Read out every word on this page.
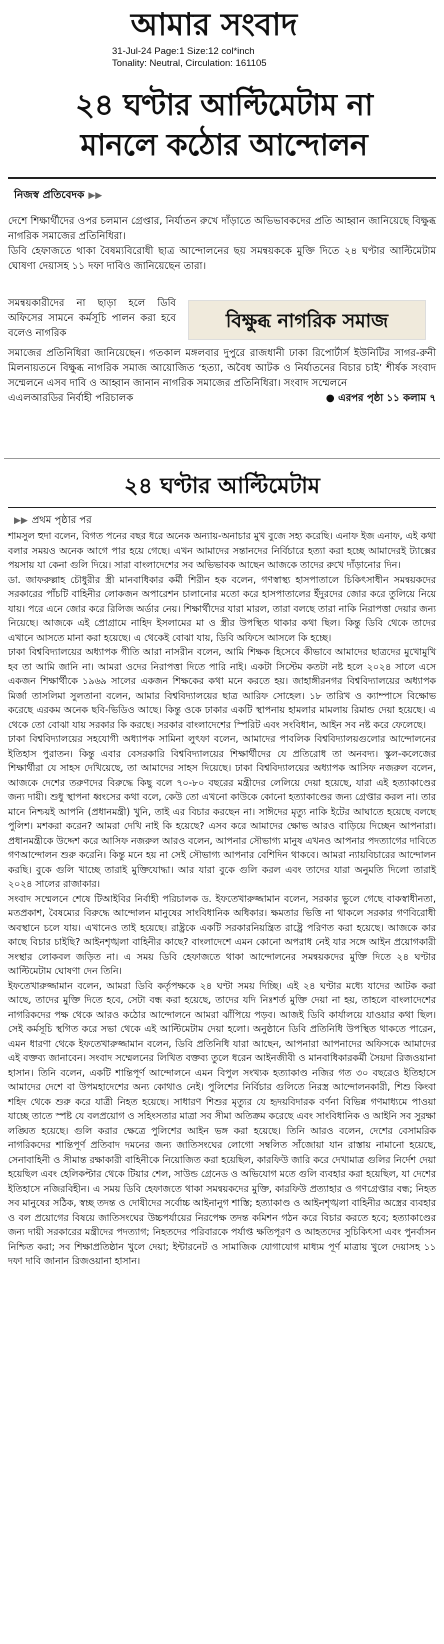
আমার সংবাদ
31-Jul-24 Page:1 Size:12 col*inch
Tonality: Neutral, Circulation: 161105
২৪ ঘণ্টার আল্টিমেটাম না
মানলে কঠোর আন্দোলন
নিজস্ব প্রতিবেদক ▶▶

দেশে শিক্ষার্থীদের ওপর চলমান গ্রেপ্তার, নির্যাতন রুখে দাঁড়াতে অভিভাবকদের প্রতি আহ্বান জানিয়েছে বিক্ষুব্ধ নাগরিক সমাজের প্রতিনিধিরা।

ডিবি হেফাজতে থাকা বৈষম্যবিরোধী ছাত্র আন্দোলনের ছয় সমন্বয়ককে মুক্তি দিতে ২৪ ঘণ্টার আল্টিমেটাম ঘোষণা দেয়াসহ ১১ দফা দাবিও জানিয়েছেন তারা।

সমন্বয়কারীদের না ছাড়া হলে ডিবি অফিসের সামনে কর্মসূচি পালন করা হবে বলেও নাগরিক
বিক্ষুব্ধ নাগরিক সমাজ
সমাজের প্রতিনিধিরা জানিয়েছেন। গতকাল মঙ্গলবার দুপুরে রাজধানী ঢাকা রিপোর্টার্স ইউনিটির সাগর-রুনী মিলনায়তনে বিক্ষুব্ধ নাগরিক সমাজ আয়োজিত ‘হত্যা, অবৈধ আটক ও নির্যাতনের বিচার চাই’ শীর্ষক সংবাদ সম্মেলনে এসব দাবি ও আহ্বান জানান নাগরিক সমাজের প্রতিনিধিরা। সংবাদ সম্মেলনে
এএলআরডির নির্বাহী পরিচালক	● এরপর পৃষ্ঠা ১১ কলাম ৭
২৪ ঘণ্টার আল্টিমেটাম
▶▶ প্রথম পৃষ্ঠার পর

শামসুল হুদা বলেন, বিগত পনের বছর ধরে অনেক অন্যায়-অনাচার মুখ বুজে সহ্য করেছি। এনাফ ইজ এনাফ, এই কথা বলার সময়ও অনেক আগে পার হয়ে গেছে। এখন আমাদের সন্তানদের নির্বিচারে হত্যা করা হচ্ছে আমাদেরই ট্যাক্সের পয়সায় যা কেনা গুলি দিয়ে। সারা বাংলাদেশের সব অভিভাবক আছেন আজকে তাদের রুখে দাঁড়ানোর দিন।

ডা. জাফরুল্লাহ চৌধুরীর স্ত্রী মানবাধিকার কর্মী শিরীন হক বলেন, গণস্বাস্থ্য হাসপাতালে চিকিৎসাধীন সমন্বয়কদের সরকারের পাঁচটি বাহিনীর লোকজন অপারেশন চালানোর মতো করে হাসপাতালের ইঁদুরদের জোর করে তুলিয়ে নিয়ে যায়। পরে এনে জোর করে রিলিজ অর্ডার নেয়। শিক্ষার্থীদের যারা মারল, তারা বলছে তারা নাকি নিরাপত্তা দেয়ার জন্য নিয়েছে। আজকে এই প্রোগ্রামে নাহিদ ইসলামের মা ও স্ত্রীর উপস্থিত থাকার কথা ছিল। কিন্তু ডিবি থেকে তাদের এখানে আসতে মানা করা হয়েছে। এ থেকেই বোঝা যায়, ডিবি অফিসে আসলে কি হচ্ছে।

ঢাকা বিশ্ববিদ্যালয়ের অধ্যাপক গীতি আরা নাসরীন বলেন, আমি শিক্ষক হিসেবে কীভাবে আমাদের ছাত্রদের মুখোমুখি হব তা আমি জানি না। আমরা ওদের নিরাপত্তা দিতে পারি নাই। একটা সিস্টেম কতটা নষ্ট হলে ২০২৪ সালে এসে একজন শিক্ষার্থীকে ১৯৬৯ সালের একজন শিক্ষকের কথা মনে করতে হয়। জাহাঙ্গীরনগর বিশ্ববিদ্যালয়ের অধ্যাপক মির্জা তাসলিমা সুলতানা বলেন, আমার বিশ্ববিদ্যালয়ের ছাত্র আরিফ সোহেল। ১৮ তারিখ ও ক্যাম্পাসে বিক্ষোভ করেছে এরকম অনেক ছবি-ভিডিও আছে। কিন্তু ওকে ঢাকার একটি স্থাপনায় হামলার মামলায় রিমান্ড দেয়া হয়েছে। এ থেকে তো বোঝা যায় সরকার কি করছে। সরকার বাংলাদেশের স্পিরিট এবং সংবিধান, আইন সব নষ্ট করে ফেলেছে।

ঢাকা বিশ্ববিদ্যালয়ের সহযোগী অধ্যাপক সামিনা লুৎফা বলেন, আমাদের পাবলিক বিশ্ববিদ্যালয়গুলোর আন্দোলনের ইতিহাস পুরাতন। কিন্তু এবার বেসরকারি বিশ্ববিদ্যালয়ের শিক্ষার্থীদের যে প্রতিরোধ তা অনবদ্য। স্কুল-কলেজের শিক্ষার্থীরা যে সাহস দেখিয়েছে, তা আমাদের সাহস দিয়েছে। ঢাকা বিশ্ববিদ্যালয়ের অধ্যাপক আসিফ নজরুল বলেন, আজকে দেশের তরুণদের বিরুদ্ধে কিছু বলে ৭০-৮০ বছরের মন্ত্রীদের লেলিয়ে দেয়া হয়েছে, যারা এই হত্যাকাণ্ডের জন্য দায়ী। শুধু স্থাপনা ধ্বংসের কথা বলে, কেউ তো এখনো কাউকে কোনো হত্যাকাণ্ডের জন্য গ্রেপ্তার করল না। তার মানে নিশ্চয়ই আপনি (প্রধানমন্ত্রী) খুনি, তাই এর বিচার করছেন না। সাঈদের মৃত্যু নাকি ইটের আঘাতে হয়েছে বলছে পুলিশ। মশকরা করেন? আমরা দেখি নাই কি হয়েছে? এসব করে আমাদের ক্ষোভ আরও বাড়িয়ে দিচ্ছেন আপনারা। প্রধানমন্ত্রীকে উদ্দেশ করে আসিফ নজরুল আরও বলেন, আপনার সৌভাগ্য মানুষ এখনও আপনার পদত্যাগের দাবিতে গণআন্দোলন শুরু করেনি। কিন্তু মনে হয় না সেই সৌভাগ্য আপনার বেশিদিন থাকবে। আমরা ন্যায়বিচারের আন্দোলন করছি। বুকে গুলি খাচ্ছে তারাই মুক্তিযোদ্ধা। আর যারা বুকে গুলি করল এবং তাদের যারা অনুমতি দিলো তারাই ২০২৪ সালের রাজাকার।

সংবাদ সম্মেলনে শেষে টিআইবির নির্বাহী পরিচালক ড. ইফতেখারুজ্জামান বলেন, সরকার ভুলে গেছে বাকস্বাধীনতা, মতপ্রকাশ, বৈষম্যের বিরুদ্ধে আন্দোলন মানুষের সাংবিধানিক অধিকার। ক্ষমতার ভিত্তি না থাকলে সরকার গণবিরোধী অবস্থানে চলে যায়। এখানেও তাই হয়েছে। রাষ্ট্রকে একটি সরকারনিয়ন্ত্রিত রাষ্ট্রে পরিণত করা হয়েছে। আজকে কার কাছে বিচার চাইছি? আইনশৃঙ্খলা বাহিনীর কাছে? বাংলাদেশে এমন কোনো অপরাধ নেই যার সঙ্গে আইন প্রয়োগকারী সংস্থার লোকবল জড়িত না। এ সময় ডিবি হেফাজতে থাকা আন্দোলনের সমন্বয়কদের মুক্তি দিতে ২৪ ঘণ্টার আল্টিমেটাম ঘোষণা দেন তিনি।

ইফতেখারুজ্জামান বলেন, আমরা ডিবি কর্তৃপক্ষকে ২৪ ঘণ্টা সময় দিচ্ছি। এই ২৪ ঘণ্টার মধ্যে যাদের আটক করা আছে, তাদের মুক্তি দিতে হবে, সেটা বন্ধ করা হয়েছে, তাদের যদি নিঃশর্ত মুক্তি দেয়া না হয়, তাহলে বাংলাদেশের নাগরিকদের পক্ষ থেকে আরও কঠোর আন্দোলনে আমরা ঝাঁপিয়ে পড়ব। আজই ডিবি কার্যালয়ে যাওয়ার কথা ছিল। সেই কর্মসূচি স্থগিত করে সভা থেকে এই আল্টিমেটাম দেয়া হলো। অনুষ্ঠানে ডিবি প্রতিনিধি উপস্থিত থাকতে পারেন, এমন ধারণা থেকে ইফতেখারুজ্জামান বলেন, ডিবি প্রতিনিধি যারা আছেন, আপনারা আপনাদের অফিসকে আমাদের এই বক্তব্য জানাবেন। সংবাদ সম্মেলনের লিখিত বক্তব্য তুলে ধরেন আইনজীবী ও মানবাধিকারকর্মী সৈয়দা রিজওয়ানা হাসান। তিনি বলেন, একটি শান্তিপূর্ণ আন্দোলনে এমন বিপুল সংখ্যক হত্যাকাণ্ড নজির গত ৩০ বছরেও ইতিহাসে আমাদের দেশে বা উপমহাদেশের অন্য কোথাও নেই। পুলিশের নির্বিচার গুলিতে নিরস্ত্র আন্দোলনকারী, শিশু কিংবা শহিদ থেকে শুরু করে যাত্রী নিহত হয়েছে। সাধারণ শিশুর মৃত্যুর যে হৃদয়বিদারক বর্ণনা বিভিন্ন গণমাধ্যমে পাওয়া যাচ্ছে তাতে স্পষ্ট যে বলপ্রয়োগ ও সহিংসতার মাত্রা সব সীমা অতিক্রম করেছে এবং সাংবিধানিক ও আইনি সব সুরক্ষা লঙ্ঘিত হয়েছে। গুলি করার ক্ষেত্রে পুলিশের আইন ভঙ্গ করা হয়েছে। তিনি আরও বলেন, দেশের বেসামরিক নাগরিকদের শান্তিপূর্ণ প্রতিবাদ দমনের জন্য জাতিসংঘের লোগো সম্বলিত সাঁজোয়া যান রাস্তায় নামানো হয়েছে, সেনাবাহিনী ও সীমান্ত রক্ষাকারী বাহিনীকে নিয়োজিত করা হয়েছিল, কারফিউ জারি করে দেখামাত্র গুলির নির্দেশ দেয়া হয়েছিল এবং হেলিকপ্টার থেকে টিয়ার শেল, সাউন্ড গ্রেনেড ও অভিযোগ মতে গুলি ব্যবহার করা হয়েছিল, যা দেশের ইতিহাসে নজিরবিহীন। এ সময় ডিবি হেফাজতে থাকা সমন্বয়কদের মুক্তি, কারফিউ প্রত্যাহার ও গণগ্রেপ্তার বন্ধ; নিহত সব মানুষের সঠিক, স্বচ্ছ তদন্ত ও দোষীদের সর্বোচ্চ আইনানুগ শাস্তি; হত্যাকাণ্ড ও আইনশৃঙ্খলা বাহিনীর অস্ত্রের ব্যবহার ও বল প্রয়োগের বিষয়ে জাতিসংঘের উচ্চপর্যায়ের নিরপেক্ষ তদন্ত কমিশন গঠন করে বিচার করতে হবে; হত্যাকাণ্ডের জন্য দায়ী সরকারের মন্ত্রীদের পদত্যাগ; নিহতদের পরিবারকে পর্যাপ্ত ক্ষতিপূরণ ও আহতদের সুচিকিৎসা এবং পুনর্বাসন নিশ্চিত করা; সব শিক্ষাপ্রতিষ্ঠান খুলে দেয়া; ইন্টারনেট ও সামাজিক যোগাযোগ মাধ্যম পূর্ণ মাত্রায় খুলে দেয়াসহ ১১ দফা দাবি জানান রিজওয়ানা হাসান।
